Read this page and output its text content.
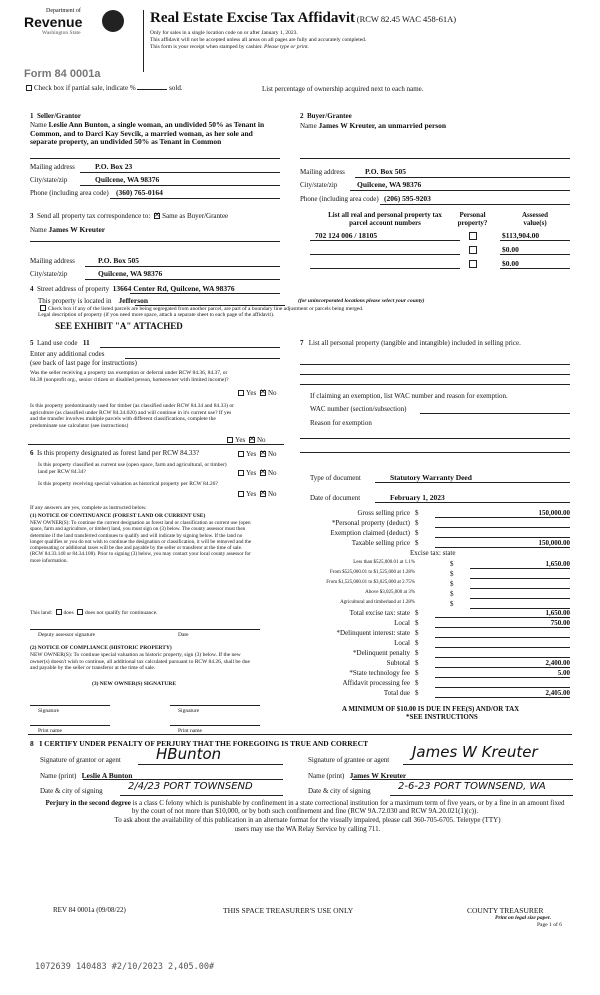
Department of
Revenue
Washington State
Form 84 0001a
Real Estate Excise Tax Affidavit (RCW 82.45 WAC 458-61A)
Only for sales in a single location code on or after January 1, 2023.
This affidavit will not be accepted unless all areas on all pages are fully and accurately completed.
This form is your receipt when stamped by cashier. Please type or print.
Check box if partial sale, indicate %	sold.	List percentage of ownership acquired next to each name.
1 Seller/Grantor
Name Leslie Ann Bunton, a single woman, an undivided 50% as Tenant in Common, and to Darci Kay Sevcik, a married woman, as her sole and separate property, an undivided 50% as Tenant in Common
Mailing address	P.O. Box 23
City/state/zip	Quilcene, WA 98376
Phone (including area code) (360) 765-0164
2 Buyer/Grantee
Name James W Kreuter, an unmarried person
Mailing address	P.O. Box 505
City/state/zip	Quilcene, WA 98376
Phone (including area code) (206) 595-9203
3 Send all property tax correspondence to: ✕ Same as Buyer/Grantee
Name James W Kreuter
Mailing address	P.O. Box 505
City/state/zip	Quilcene, WA 98376
List all real and personal property tax
parcel account numbers
Personal
property?
Assessed
value(s)
702 124 006 / 18105	$113,904.00
$0.00
$0.00
4 Street address of property 13664 Center Rd, Quilcene, WA 98376
This property is located in Jefferson	(for unincorporated locations please select your county)
Check box if any of the listed parcels are being segregated from another parcel, are part of a boundary line adjustment or parcels being merged.
Legal description of property (if you need more space, attach a separate sheet to each page of the affidavit).
SEE EXHIBIT "A" ATTACHED
5 Land use code 11
Enter any additional codes
(see back of last page for instructions)
Was the seller receiving a property tax exemption or deferral under RCW 84.36, 84.37, or 84.38 (nonprofit org., senior citizen or disabled person, homeowner with limited income)?
Yes ✕ No
Is this property predominantly used for timber (as classified under RCW 84.34 and 84.33) or agriculture (as classified under RCW 84.34.020) and will continue in it's current use? If yes and the transfer involves multiple parcels with different classifications, complete the predominate use calculator (see instructions)
Yes ✕ No
6 Is this property designated as forest land per RCW 84.33?	Yes ✕ No
Is this property classified as current use (open space, farm and agricultural, or timber) land per RCW 84.34?	Yes ✕ No
Is this property receiving special valuation as historical property per RCW 84.26?
Yes ✕ No
If any answers are yes, complete as instructed below.
(1) NOTICE OF CONTINUANCE (FOREST LAND OR CURRENT USE)
NEW OWNER(S): To continue the current designation as forest land or classification as current use (open space, farm and agriculture, or timber) land, you must sign on (3) below. The county assessor must then determine if the land transferred continues to qualify and will indicate by signing below. If the land no longer qualifies or you do not wish to continue the designation or classification, it will be removed and the compensating or additional taxes will be due and payable by the seller or transferor at the time of sale. (RCW 84.33.140 or 84.34.108). Prior to signing (3) below, you may contact your local county assessor for more information.
This land: does does not qualify for continuance.
Deputy assessor signature	Date
(2) NOTICE OF COMPLIANCE (HISTORIC PROPERTY)
NEW OWNER(S): To continue special valuation as historic property, sign (3) below. If the new owner(s) doesn't wish to continue, all additional tax calculated pursuant to RCW 84.26, shall be due and payable by the seller or transferor at the time of sale.
(3) NEW OWNER(S) SIGNATURE
Signature	Signature
Print name	Print name
7 List all personal property (tangible and intangible) included in selling price.
If claiming an exemption, list WAC number and reason for exemption.
WAC number (section/subsection)
Reason for exemption
Type of document	Statutory Warranty Deed
Date of document	February 1, 2023
Gross selling price $	150,000.00
*Personal property (deduct) $

Exemption claimed (deduct) $

Taxable selling price $	150,000.00
Excise tax: state
Less than $525,000.01 at 1.1%	$	1,650.00
From $525,000.01 to $1,525,000 at 1.28%	$

From $1,525,000.01 to $3,025,000 at 2.75%	$

Above $3,025,000 at 3%	$

Agricultural and timberland at 1.28%	$

Total excise tax: state $	1,650.00
Local $	750.00
*Delinquent interest: state $

Local $

*Delinquent penalty $

Subtotal $	2,400.00
*State technology fee $	5.00
Affidavit processing fee $

Total due $	2,405.00
A MINIMUM OF $10.00 IS DUE IN FEE(S) AND/OR TAX
*SEE INSTRUCTIONS
8 I CERTIFY UNDER PENALTY OF PERJURY THAT THE FOREGOING IS TRUE AND CORRECT
Signature of grantor or agent HBunton	Signature of grantee or agent James W Kreuter
Name (print) Leslie A Bunton	Name (print) James W Kreuter
Date & city of signing	2/4/23 PORT TOWNSEND	Date & city of signing	2-6-23 PORT TOWNSEND, WA
Perjury in the second degree is a class C felony which is punishable by confinement in a state correctional institution for a maximum term of five years, or by a fine in an amount fixed by the court of not more than $10,000, or by both such confinement and fine (RCW 9A.72.030 and RCW 9A.20.021(1)(c)).
To ask about the availability of this publication in an alternate format for the visually impaired, please call 360-705-6705. Teletype (TTY) users may use the WA Relay Service by calling 711.
REV 84 0001a (09/08/22)	THIS SPACE TREASURER'S USE ONLY	COUNTY TREASURER
Print on legal size paper.
Page 1 of 6
1072639 140483 #2/10/2023 2,405.00#
